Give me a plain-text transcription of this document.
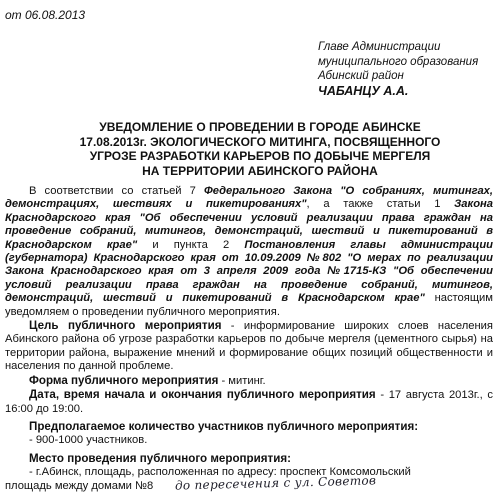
от 06.08.2013
Главе Администрации
муниципального образования
Абинский район
ЧАБАНЦУ А.А.
УВЕДОМЛЕНИЕ О ПРОВЕДЕНИИ В ГОРОДЕ АБИНСКЕ
17.08.2013г. ЭКОЛОГИЧЕСКОГО МИТИНГА, ПОСВЯЩЕННОГО
УГРОЗЕ РАЗРАБОТКИ КАРЬЕРОВ ПО ДОБЫЧЕ МЕРГЕЛЯ
НА ТЕРРИТОРИИ АБИНСКОГО РАЙОНА

В соответствии со статьей 7 Федерального Закона "О собраниях, митингах, демонстрациях, шествиях и пикетированиях", а также статьи 1 Закона Краснодарского края "Об обеспечении условий реализации права граждан на проведение собраний, митингов, демонстраций, шествий и пикетирований в Краснодарском крае" и пункта 2 Постановления главы администрации (губернатора) Краснодарского края от 10.09.2009 №802 "О мерах по реализации Закона Краснодарского края от 3 апреля 2009 года №1715-КЗ "Об обеспечении условий реализации права граждан на проведение собраний, митингов, демонстраций, шествий и пикетирований в Краснодарском крае" настоящим уведомляем о проведении публичного мероприятия.

Цель публичного мероприятия - информирование широких слоев населения Абинского района об угрозе разработки карьеров по добыче мергеля (цементного сырья) на территории района, выражение мнений и формирование общих позиций общественности и населения по данной проблеме.

Форма публичного мероприятия - митинг.

Дата, время начала и окончания публичного мероприятия - 17 августа 2013г., с 16:00 до 19:00.

Предполагаемое количество участников публичного мероприятия:
- 900-1000 участников.

Место проведения публичного мероприятия:
- г.Абинск, площадь, расположенная по адресу: проспект Комсомольский

площадь между домами №8 до пересечения с ул. Советов
